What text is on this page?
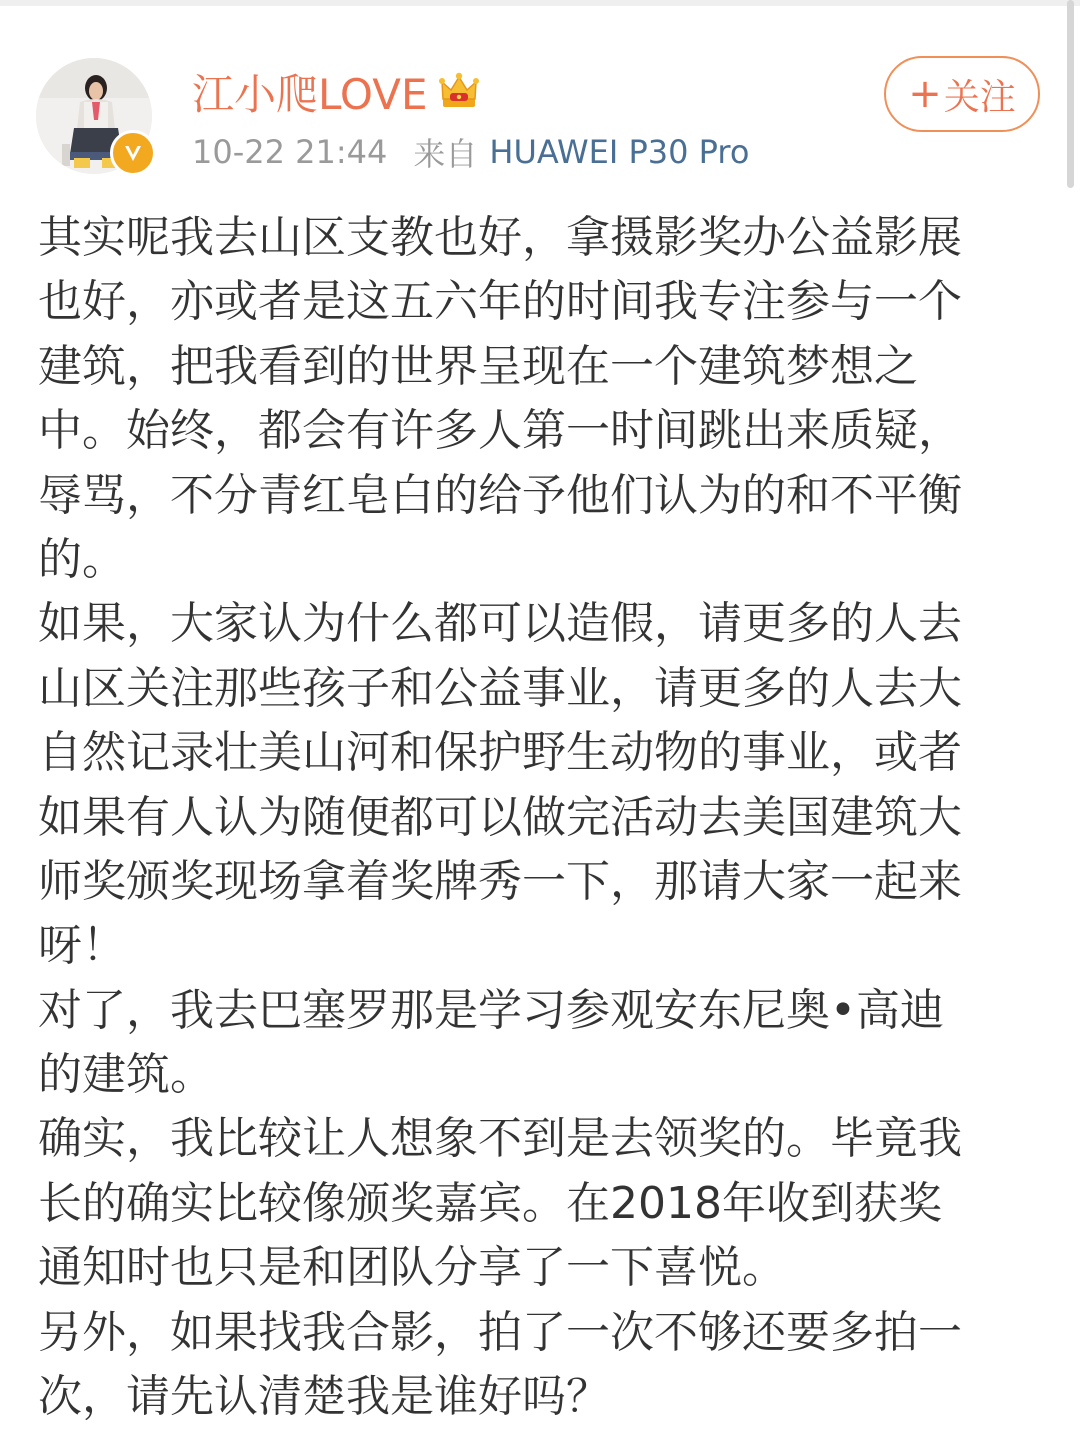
江小爬LOVE
10-22 21:44 来自 HUAWEI P30 Pro
+ 关注
其实呢我去山区支教也好，拿摄影奖办公益影展
也好，亦或者是这五六年的时间我专注参与一个
建筑，把我看到的世界呈现在一个建筑梦想之
中。始终，都会有许多人第一时间跳出来质疑，
辱骂，不分青红皂白的给予他们认为的和不平衡
的。
如果，大家认为什么都可以造假，请更多的人去
山区关注那些孩子和公益事业，请更多的人去大
自然记录壮美山河和保护野生动物的事业，或者
如果有人认为随便都可以做完活动去美国建筑大
师奖颁奖现场拿着奖牌秀一下，那请大家一起来
呀！
对了，我去巴塞罗那是学习参观安东尼奥•高迪
的建筑。
确实，我比较让人想象不到是去领奖的。毕竟我
长的确实比较像颁奖嘉宾。在2018年收到获奖
通知时也只是和团队分享了一下喜悦。
另外，如果找我合影，拍了一次不够还要多拍一
次，请先认清楚我是谁好吗？
